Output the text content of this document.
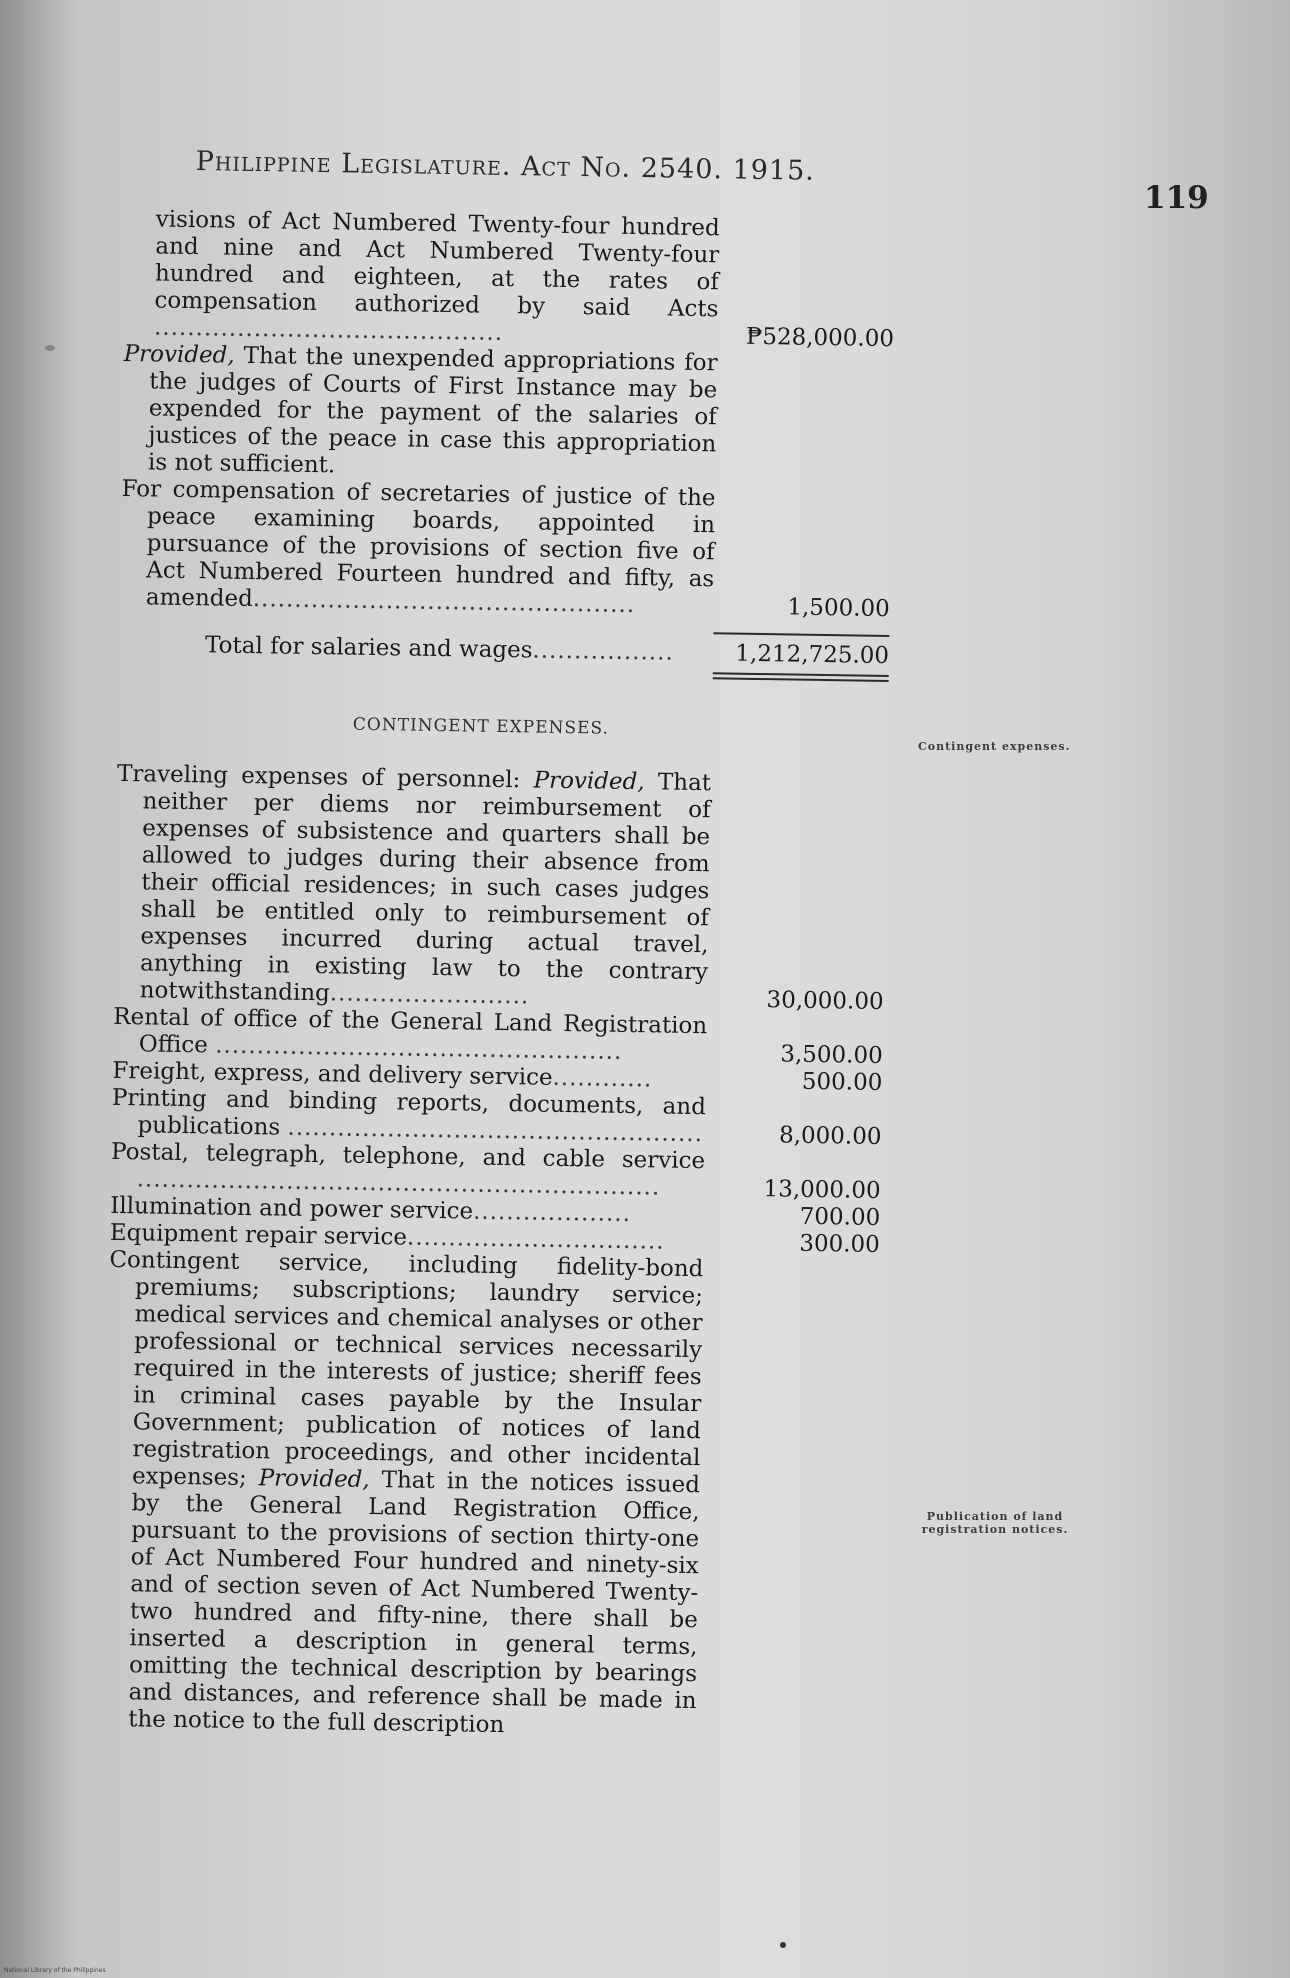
Philippine Legislature. Act No. 2540. 1915.
119
visions of Act Numbered Twenty-four hundred and nine and Act Numbered Twenty-four hundred and eighteen, at the rates of compensation authorized by said Acts ..........................................	₱528,000.00
Provided, That the unexpended appropriations for the judges of Courts of First Instance may be expended for the payment of the salaries of justices of the peace in case this appropriation is not sufficient.
For compensation of secretaries of justice of the peace examining boards, appointed in pursuance of the provisions of section five of Act Numbered Fourteen hundred and fifty, as amended..............................................	1,500.00
Total for salaries and wages.................	1,212,725.00
CONTINGENT EXPENSES.
Traveling expenses of personnel: Provided, That neither per diems nor reimbursement of expenses of subsistence and quarters shall be allowed to judges during their absence from their official residences; in such cases judges shall be entitled only to reimbursement of expenses incurred during actual travel, anything in existing law to the contrary notwithstanding........................	30,000.00
Rental of office of the General Land Registration Office .................................................	3,500.00
Freight, express, and delivery service............	500.00
Printing and binding reports, documents, and publications ..................................................	8,000.00
Postal, telegraph, telephone, and cable service ...............................................................	13,000.00
Illumination and power service...................	700.00
Equipment repair service...............................	300.00
Contingent service, including fidelity-bond premiums; subscriptions; laundry service; medical services and chemical analyses or other professional or technical services necessarily required in the interests of justice; sheriff fees in criminal cases payable by the Insular Government; publication of notices of land registration proceedings, and other incidental expenses; Provided, That in the notices issued by the General Land Registration Office, pursuant to the provisions of section thirty-one of Act Numbered Four hundred and ninety-six and of section seven of Act Numbered Twenty-two hundred and fifty-nine, there shall be inserted a description in general terms, omitting the technical description by bearings and distances, and reference shall be made in the notice to the full description
Contingent expenses.
Publication of land registration notices.
National Library of the Philippines
